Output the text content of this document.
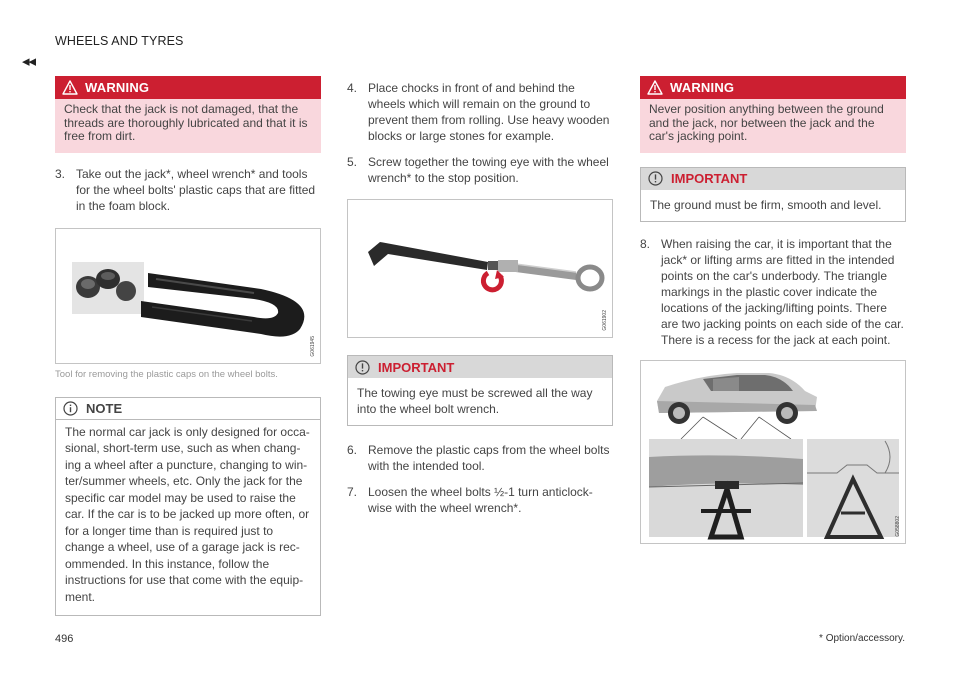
WHEELS AND TYRES
◂◂
WARNING
Check that the jack is not damaged, that the threads are thoroughly lubricated and that it is free from dirt.
3. Take out the jack*, wheel wrench* and tools for the wheel bolts' plastic caps that are fitted in the foam block.
G061945
Tool for removing the plastic caps on the wheel bolts.
NOTE
The normal car jack is only designed for occa-sional, short-term use, such as when chang-ing a wheel after a puncture, changing to win-ter/summer wheels, etc. Only the jack for the specific car model may be used to raise the car. If the car is to be jacked up more often, or for a longer time than is required just to change a wheel, use of a garage jack is rec-ommended. In this instance, follow the instructions for use that come with the equip-ment.
4. Place chocks in front of and behind the wheels which will remain on the ground to prevent them from rolling. Use heavy wooden blocks or large stones for example.
5. Screw together the towing eye with the wheel wrench* to the stop position.
G061902
IMPORTANT
The towing eye must be screwed all the way into the wheel bolt wrench.
6. Remove the plastic caps from the wheel bolts with the intended tool.
7. Loosen the wheel bolts ½-1 turn anticlock-wise with the wheel wrench*.
WARNING
Never position anything between the ground and the jack, nor between the jack and the car's jacking point.
IMPORTANT
The ground must be firm, smooth and level.
8. When raising the car, it is important that the jack* or lifting arms are fitted in the intended points on the car's underbody. The triangle markings in the plastic cover indicate the locations of the jacking/lifting points. There are two jacking points on each side of the car. There is a recess for the jack at each point.
G058802
496	* Option/accessory.
